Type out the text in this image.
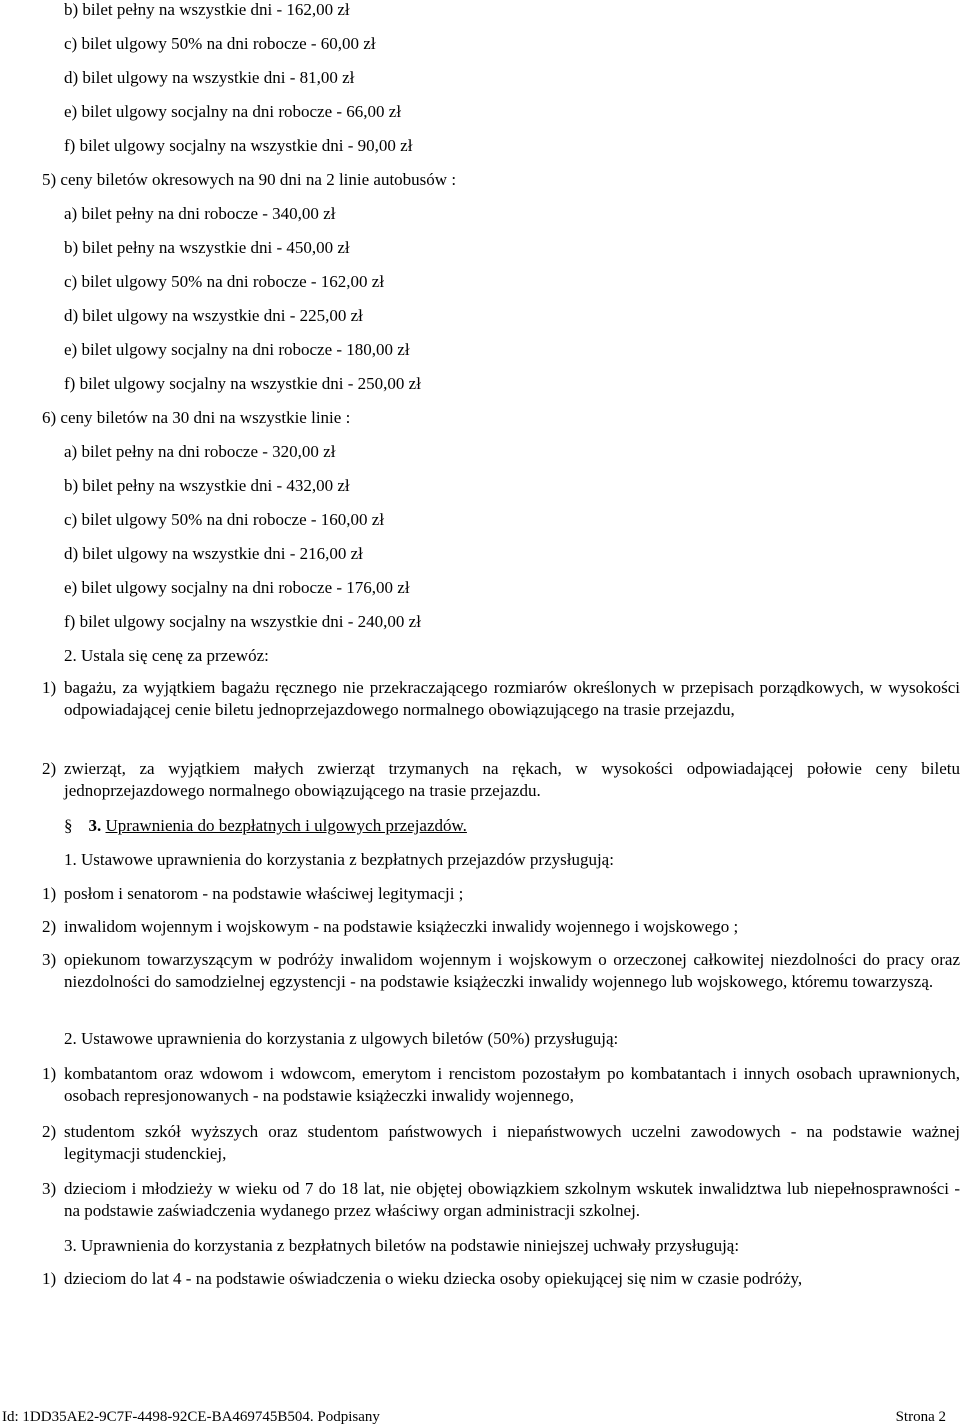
b) bilet pełny na wszystkie dni - 162,00 zł
c) bilet ulgowy 50% na dni robocze - 60,00 zł
d) bilet ulgowy na wszystkie dni - 81,00 zł
e) bilet ulgowy socjalny na dni robocze - 66,00 zł
f) bilet ulgowy socjalny na wszystkie dni - 90,00 zł
5) ceny biletów okresowych na 90 dni na 2 linie autobusów :
a) bilet pełny na dni robocze - 340,00 zł
b) bilet pełny na wszystkie dni - 450,00 zł
c) bilet ulgowy 50% na dni robocze - 162,00 zł
d) bilet ulgowy na wszystkie dni - 225,00 zł
e) bilet ulgowy socjalny na dni robocze - 180,00 zł
f) bilet ulgowy socjalny na wszystkie dni - 250,00 zł
6) ceny biletów na 30 dni na wszystkie linie :
a) bilet pełny na dni robocze - 320,00 zł
b) bilet pełny na wszystkie dni - 432,00 zł
c) bilet ulgowy 50% na dni robocze - 160,00 zł
d) bilet ulgowy na wszystkie dni - 216,00 zł
e) bilet ulgowy socjalny na dni robocze - 176,00 zł
f) bilet ulgowy socjalny na wszystkie dni - 240,00 zł
2. Ustala się cenę za przewóz:
1) bagażu, za wyjątkiem bagażu ręcznego nie przekraczającego rozmiarów określonych w przepisach porządkowych, w wysokości odpowiadającej cenie biletu jednoprzejazdowego normalnego obowiązującego na trasie przejazdu,
2) zwierząt, za wyjątkiem małych zwierząt trzymanych na rękach, w wysokości odpowiadającej połowie ceny biletu jednoprzejazdowego normalnego obowiązującego na trasie przejazdu.
§ 3. Uprawnienia do bezpłatnych i ulgowych przejazdów.
1. Ustawowe uprawnienia do korzystania z bezpłatnych przejazdów przysługują:
1) posłom i senatorom - na podstawie właściwej legitymacji ;
2) inwalidom wojennym i wojskowym - na podstawie książeczki inwalidy wojennego i wojskowego ;
3) opiekunom towarzyszącym w podróży inwalidom wojennym i wojskowym o orzeczonej całkowitej niezdolności do pracy oraz niezdolności do samodzielnej egzystencji - na podstawie książeczki inwalidy wojennego lub wojskowego, któremu towarzyszą.
2. Ustawowe uprawnienia do korzystania z ulgowych biletów (50%) przysługują:
1) kombatantom oraz wdowom i wdowcom, emerytom i rencistom pozostałym po kombatantach i innych osobach uprawnionych, osobach represjonowanych - na podstawie książeczki inwalidy wojennego,
2) studentom szkół wyższych oraz studentom państwowych i niepaństwowych uczelni zawodowych - na podstawie ważnej legitymacji studenckiej,
3) dzieciom i młodzieży w wieku od 7 do 18 lat, nie objętej obowiązkiem szkolnym wskutek inwalidztwa lub niepełnosprawności - na podstawie zaświadczenia wydanego przez właściwy organ administracji szkolnej.
3. Uprawnienia do korzystania z bezpłatnych biletów na podstawie niniejszej uchwały przysługują:
1) dzieciom do lat 4 - na podstawie oświadczenia o wieku dziecka osoby opiekującej się nim w czasie podróży,
Id: 1DD35AE2-9C7F-4498-92CE-BA469745B504. Podpisany	Strona 2
